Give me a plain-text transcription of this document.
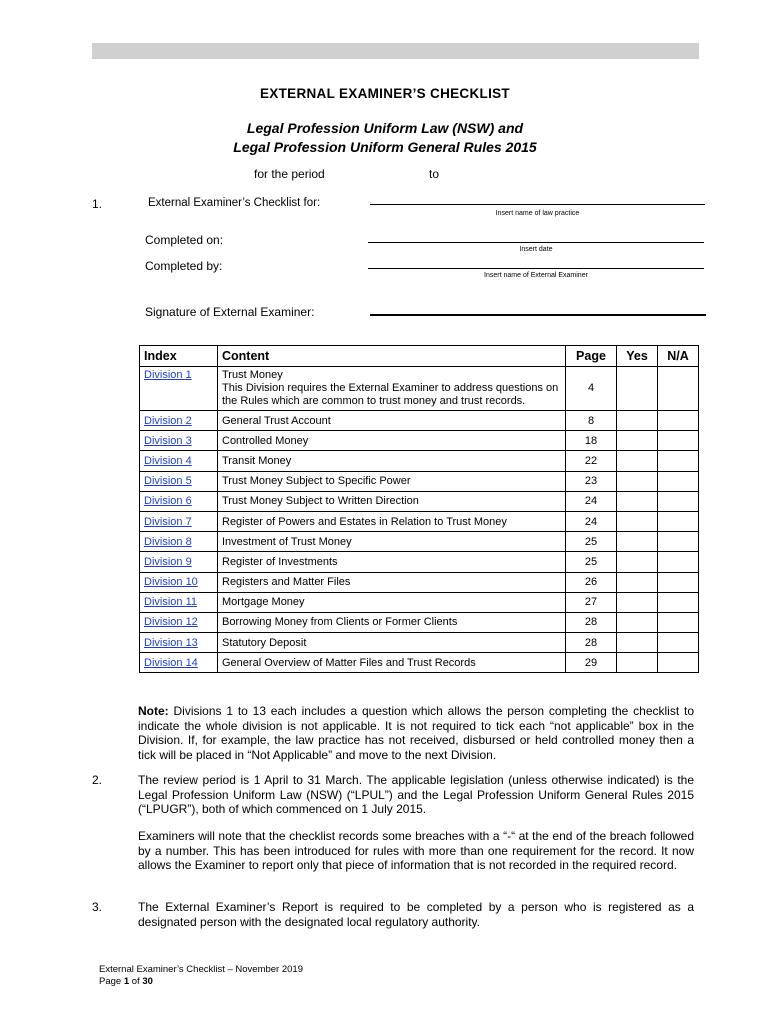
EXTERNAL EXAMINER’S CHECKLIST
Legal Profession Uniform Law (NSW) and
Legal Profession Uniform General Rules 2015
for the period	to
1.	External Examiner’s Checklist for:
Insert name of law practice
Completed on:
Insert date
Completed by:
Insert name of External Examiner
Signature of External Examiner:
Index	Content	Page	Yes	N/A
Division 1	Trust Money
This Division requires the External Examiner to address questions on the Rules which are common to trust money and trust records.	4		
Division 2	General Trust Account	8		
Division 3	Controlled Money	18		
Division 4	Transit Money	22		
Division 5	Trust Money Subject to Specific Power	23		
Division 6	Trust Money Subject to Written Direction	24		
Division 7	Register of Powers and Estates in Relation to Trust Money	24		
Division 8	Investment of Trust Money	25		
Division 9	Register of Investments	25		
Division 10	Registers and Matter Files	26		
Division 11	Mortgage Money	27		
Division 12	Borrowing Money from Clients or Former Clients	28		
Division 13	Statutory Deposit	28		
Division 14	General Overview of Matter Files and Trust Records	29		
Note: Divisions 1 to 13 each includes a question which allows the person completing the checklist to indicate the whole division is not applicable. It is not required to tick each “not applicable” box in the Division. If, for example, the law practice has not received, disbursed or held controlled money then a tick will be placed in “Not Applicable” and move to the next Division.
2.	The review period is 1 April to 31 March. The applicable legislation (unless otherwise indicated) is the Legal Profession Uniform Law (NSW) (“LPUL”) and the Legal Profession Uniform General Rules 2015 (“LPUGR”), both of which commenced on 1 July 2015.
Examiners will note that the checklist records some breaches with a “-“ at the end of the breach followed by a number. This has been introduced for rules with more than one requirement for the record. It now allows the Examiner to report only that piece of information that is not recorded in the required record.
3.	The External Examiner’s Report is required to be completed by a person who is registered as a designated person with the designated local regulatory authority.
External Examiner’s Checklist – November 2019
Page 1 of 30
